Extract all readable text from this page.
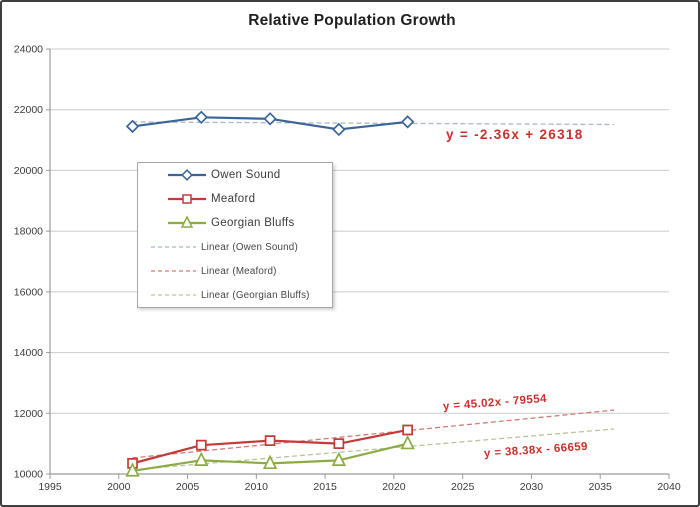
Relative Population Growth
10000
12000
14000
16000
18000
20000
22000
24000
1995	2000	2005	2010	2015	2020	2025	2030	2035	2040
Owen Sound
Meaford
Georgian Bluffs
Linear (Owen Sound)
Linear (Meaford)
Linear (Georgian Bluffs)
y = -2.36x + 26318
y = 45.02x - 79554
y = 38.38x - 66659
